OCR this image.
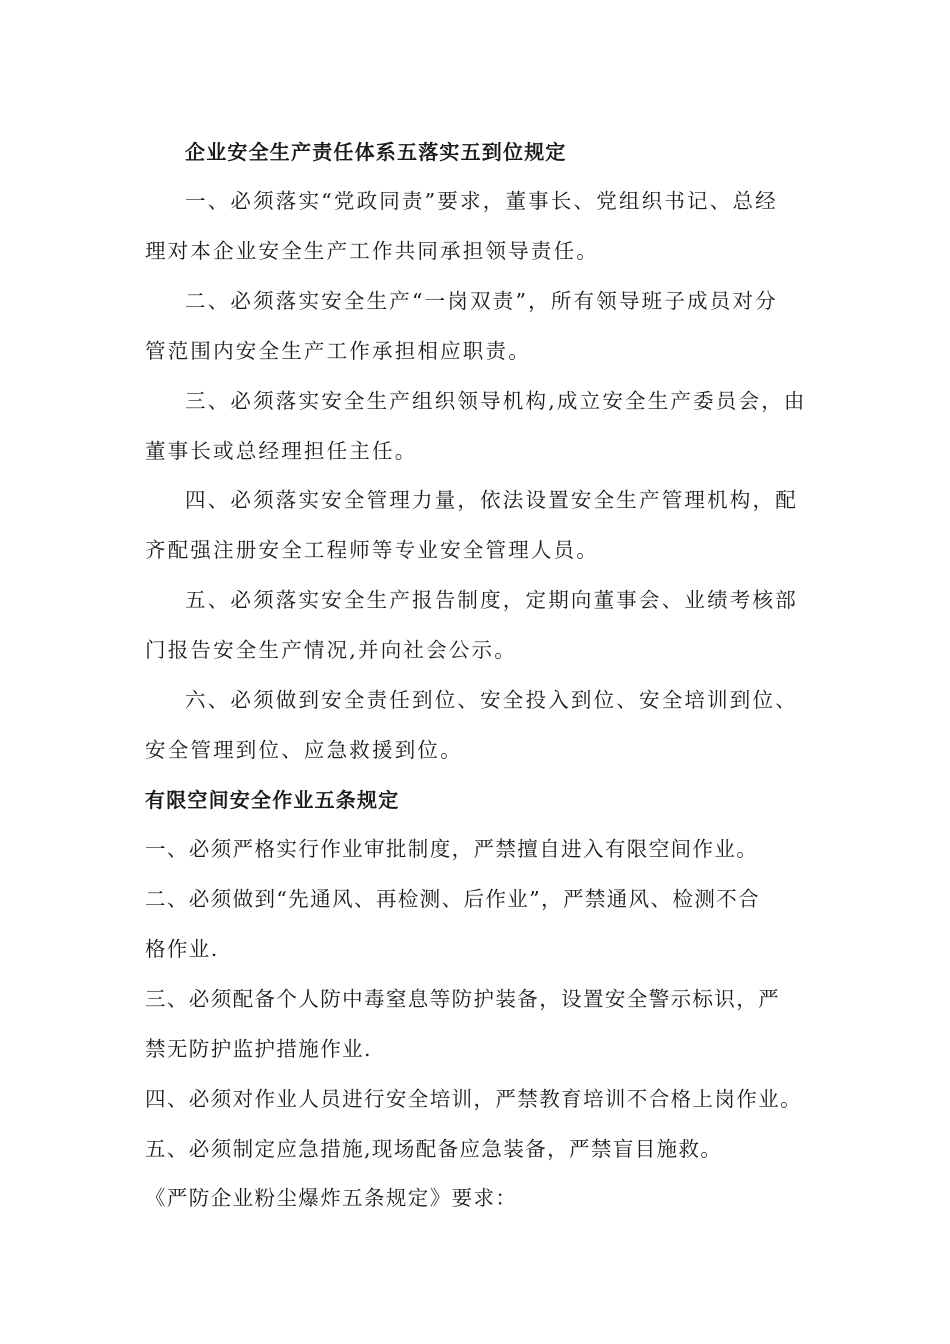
企业安全生产责任体系五落实五到位规定
一、必须落实“党政同责”要求，董事长、党组织书记、总经
理对本企业安全生产工作共同承担领导责任。
二、必须落实安全生产“一岗双责”，所有领导班子成员对分
管范围内安全生产工作承担相应职责。
三、必须落实安全生产组织领导机构,成立安全生产委员会，由
董事长或总经理担任主任。
四、必须落实安全管理力量，依法设置安全生产管理机构，配
齐配强注册安全工程师等专业安全管理人员。
五、必须落实安全生产报告制度，定期向董事会、业绩考核部
门报告安全生产情况,并向社会公示。
六、必须做到安全责任到位、安全投入到位、安全培训到位、
安全管理到位、应急救援到位。
有限空间安全作业五条规定
一、必须严格实行作业审批制度，严禁擅自进入有限空间作业。
二、必须做到“先通风、再检测、后作业”，严禁通风、检测不合
格作业.
三、必须配备个人防中毒窒息等防护装备，设置安全警示标识，严
禁无防护监护措施作业.
四、必须对作业人员进行安全培训，严禁教育培训不合格上岗作业。
五、必须制定应急措施,现场配备应急装备，严禁盲目施救。
《严防企业粉尘爆炸五条规定》要求：
